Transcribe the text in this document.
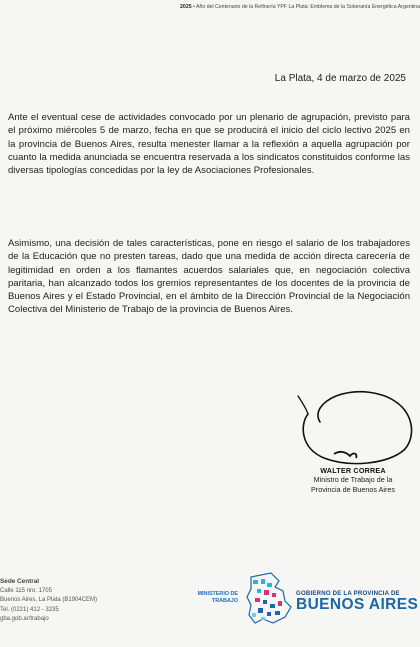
2025 • Año del Centenario de la Refinería YPF La Plata: Emblema de la Soberanía Energética Argentina
La Plata, 4 de marzo de 2025

Ante el eventual cese de actividades convocado por un plenario de agrupación, previsto para el próximo miércoles 5 de marzo, fecha en que se producirá el inicio del ciclo lectivo 2025 en la provincia de Buenos Aires, resulta menester llamar a la reflexión a aquella agrupación por cuanto la medida anunciada se encuentra reservada a los sindicatos constituidos conforme las diversas tipologías concedidas por la ley de Asociaciones Profesionales.

Asimismo, una decisión de tales características, pone en riesgo el salario de los trabajadores de la Educación que no presten tareas, dado que una medida de acción directa carecería de legitimidad en orden a los flamantes acuerdos salariales que, en negociación colectiva paritaria, han alcanzado todos los gremios representantes de los docentes de la provincia de Buenos Aires y el Estado Provincial, en el ámbito de la Dirección Provincial de la Negociación Colectiva del Ministerio de Trabajo de la provincia de Buenos Aires.

WALTER CORREA
Ministro de Trabajo de la
Provincia de Buenos Aires
Sede Central
Calle 115 nro. 1705
Buenos Aires, La Plata (B1904CEM)
Tel. (0221) 412 - 3235
gba.gob.ar/trabajo
MINISTERIO DE
TRABAJO
GOBIERNO DE LA PROVINCIA DE
BUENOS AIRES
